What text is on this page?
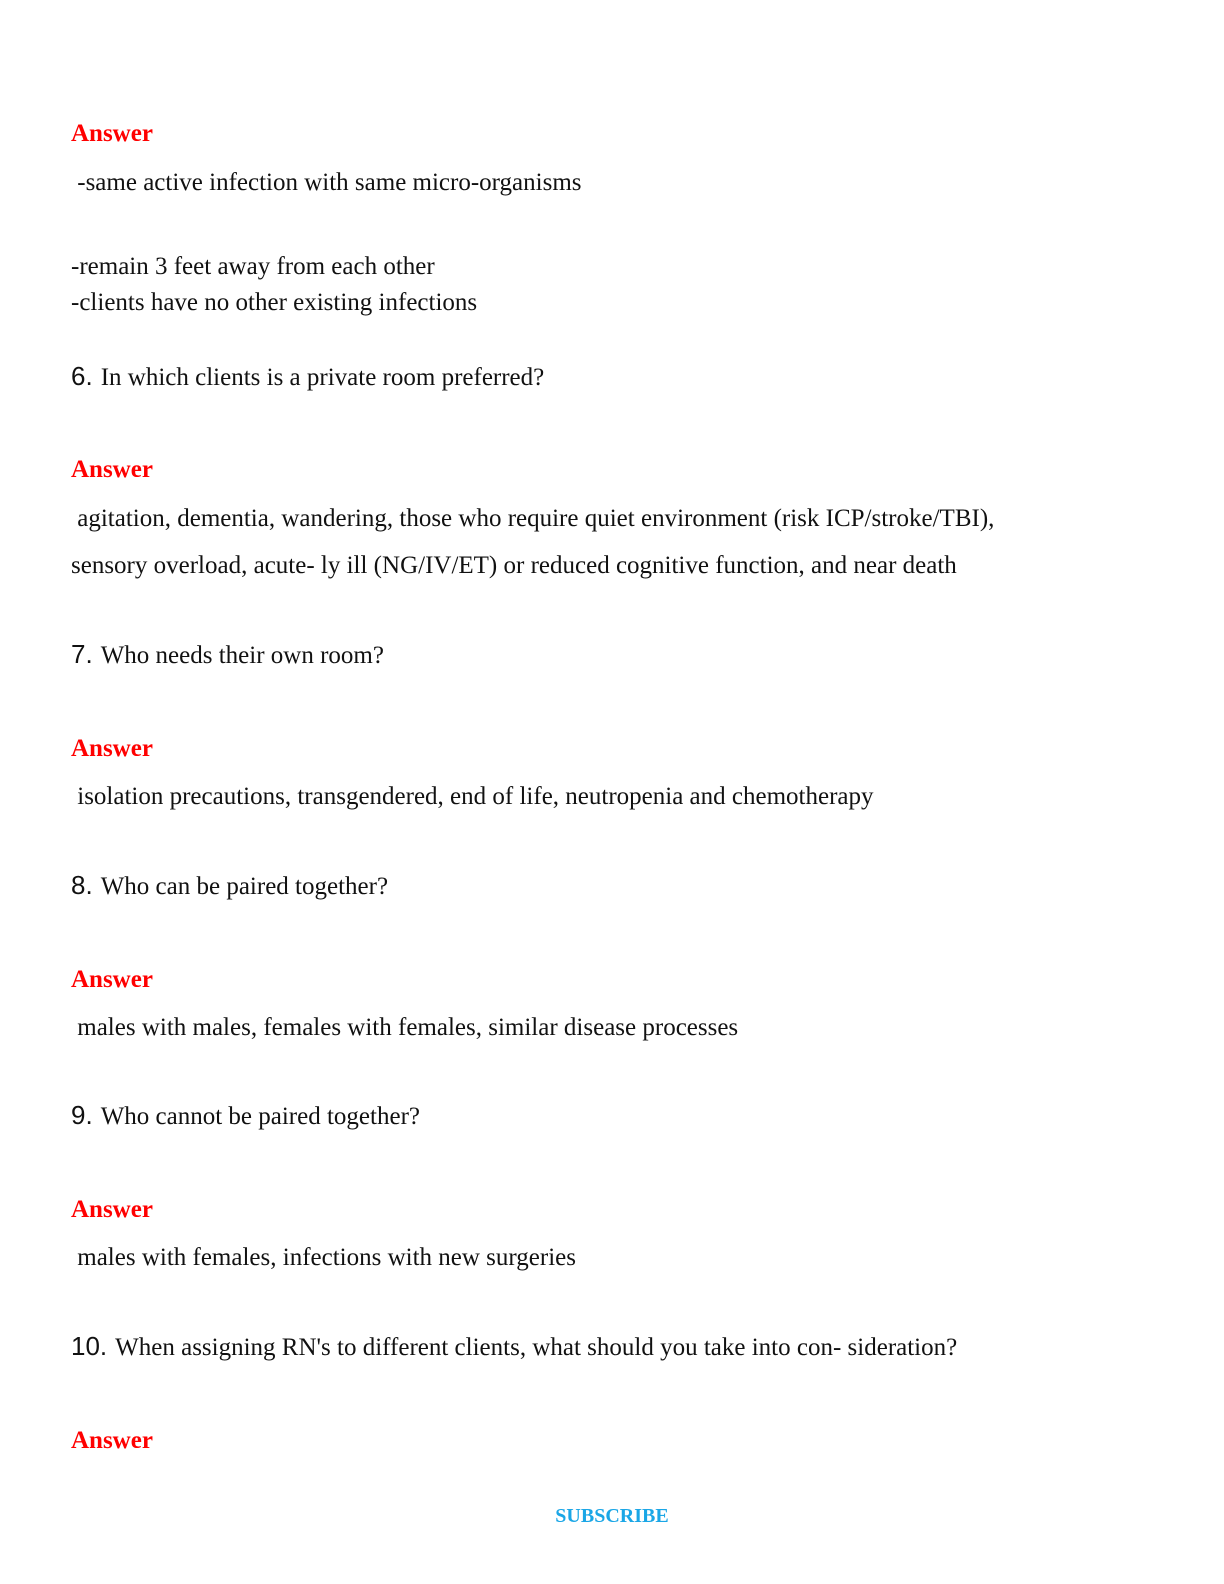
Answer
-same active infection with same micro-organisms
-remain 3 feet away from each other
-clients have no other existing infections
6. In which clients is a private room preferred?
Answer
agitation, dementia, wandering, those who require quiet environment (risk ICP/stroke/TBI),
sensory overload, acute- ly ill (NG/IV/ET) or reduced cognitive function, and near death
7. Who needs their own room?
Answer
isolation precautions, transgendered, end of life, neutropenia and chemotherapy
8. Who can be paired together?
Answer
males with males, females with females, similar disease processes
9. Who cannot be paired together?
Answer
males with females, infections with new surgeries
10. When assigning RN's to different clients, what should you take into con- sideration?
Answer
SUBSCRIBE
